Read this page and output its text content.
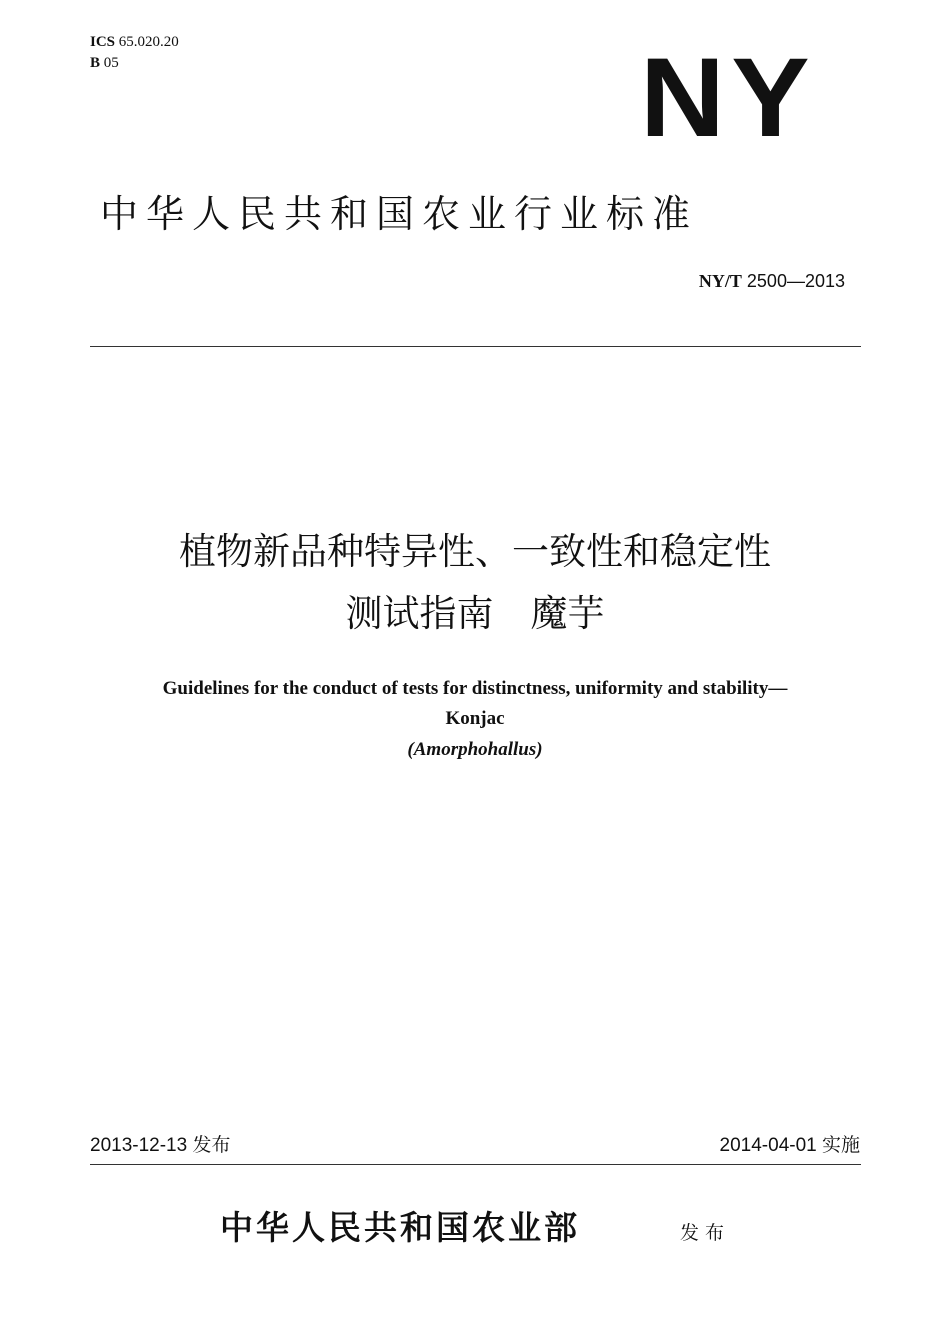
ICS 65.020.20
B 05	NY
中华人民共和国农业行业标准
NY/T 2500—2013
植物新品种特异性、一致性和稳定性
测试指南　魔芋
Guidelines for the conduct of tests for distinctness, uniformity and stability—
Konjac
(Amorphohallus)
2013-12-13 发布	2014-04-01 实施
中华人民共和国农业部	发布
